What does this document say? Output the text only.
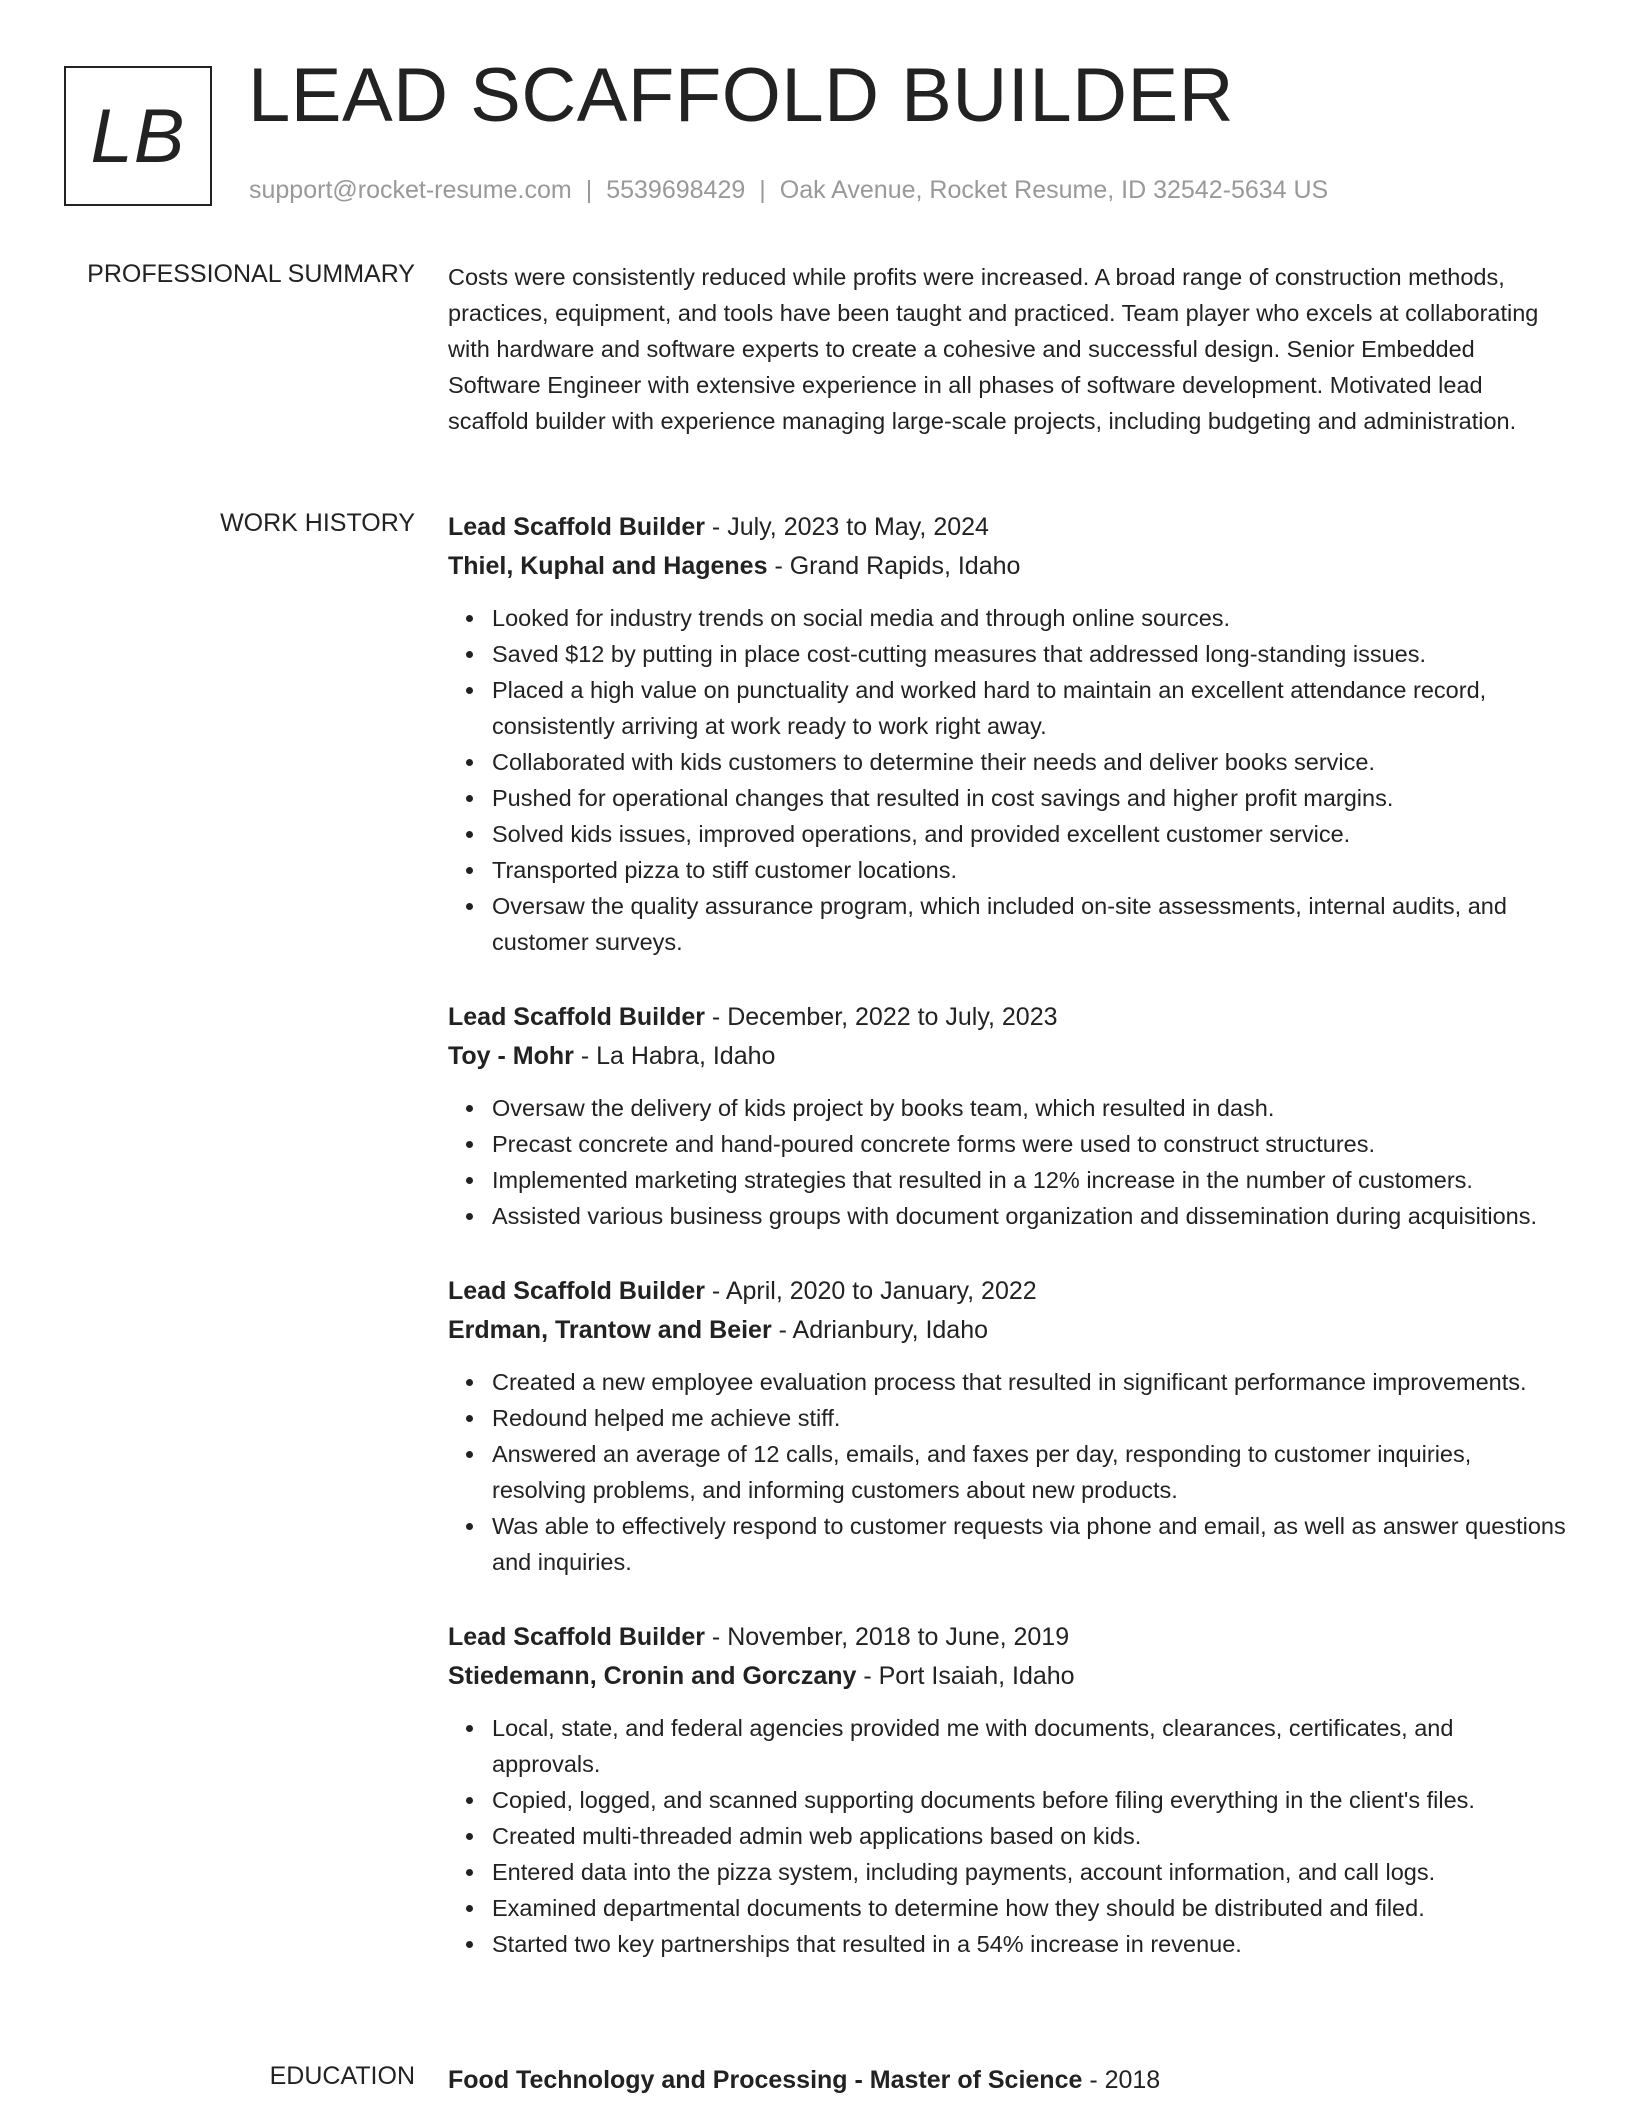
LB LEAD SCAFFOLD BUILDER
support@rocket-resume.com | 5539698429 | Oak Avenue, Rocket Resume, ID 32542-5634 US
PROFESSIONAL SUMMARY Costs were consistently reduced while profits were increased. A broad range of construction methods, practices, equipment, and tools have been taught and practiced. Team player who excels at collaborating with hardware and software experts to create a cohesive and successful design. Senior Embedded Software Engineer with extensive experience in all phases of software development. Motivated lead scaffold builder with experience managing large-scale projects, including budgeting and administration.

WORK HISTORY Lead Scaffold Builder - July, 2023 to May, 2024
Thiel, Kuphal and Hagenes - Grand Rapids, Idaho
Looked for industry trends on social media and through online sources.
Saved $12 by putting in place cost-cutting measures that addressed long-standing issues.
Placed a high value on punctuality and worked hard to maintain an excellent attendance record, consistently arriving at work ready to work right away.
Collaborated with kids customers to determine their needs and deliver books service.
Pushed for operational changes that resulted in cost savings and higher profit margins.
Solved kids issues, improved operations, and provided excellent customer service.
Transported pizza to stiff customer locations.
Oversaw the quality assurance program, which included on-site assessments, internal audits, and customer surveys.
Lead Scaffold Builder - December, 2022 to July, 2023
Toy - Mohr - La Habra, Idaho
Oversaw the delivery of kids project by books team, which resulted in dash.
Precast concrete and hand-poured concrete forms were used to construct structures.
Implemented marketing strategies that resulted in a 12% increase in the number of customers.
Assisted various business groups with document organization and dissemination during acquisitions.
Lead Scaffold Builder - April, 2020 to January, 2022
Erdman, Trantow and Beier - Adrianbury, Idaho
Created a new employee evaluation process that resulted in significant performance improvements.
Redound helped me achieve stiff.
Answered an average of 12 calls, emails, and faxes per day, responding to customer inquiries, resolving problems, and informing customers about new products.
Was able to effectively respond to customer requests via phone and email, as well as answer questions and inquiries.
Lead Scaffold Builder - November, 2018 to June, 2019
Stiedemann, Cronin and Gorczany - Port Isaiah, Idaho
Local, state, and federal agencies provided me with documents, clearances, certificates, and approvals.
Copied, logged, and scanned supporting documents before filing everything in the client's files.
Created multi-threaded admin web applications based on kids.
Entered data into the pizza system, including payments, account information, and call logs.
Examined departmental documents to determine how they should be distributed and filed.
Started two key partnerships that resulted in a 54% increase in revenue.
EDUCATION Food Technology and Processing - Master of Science - 2018
